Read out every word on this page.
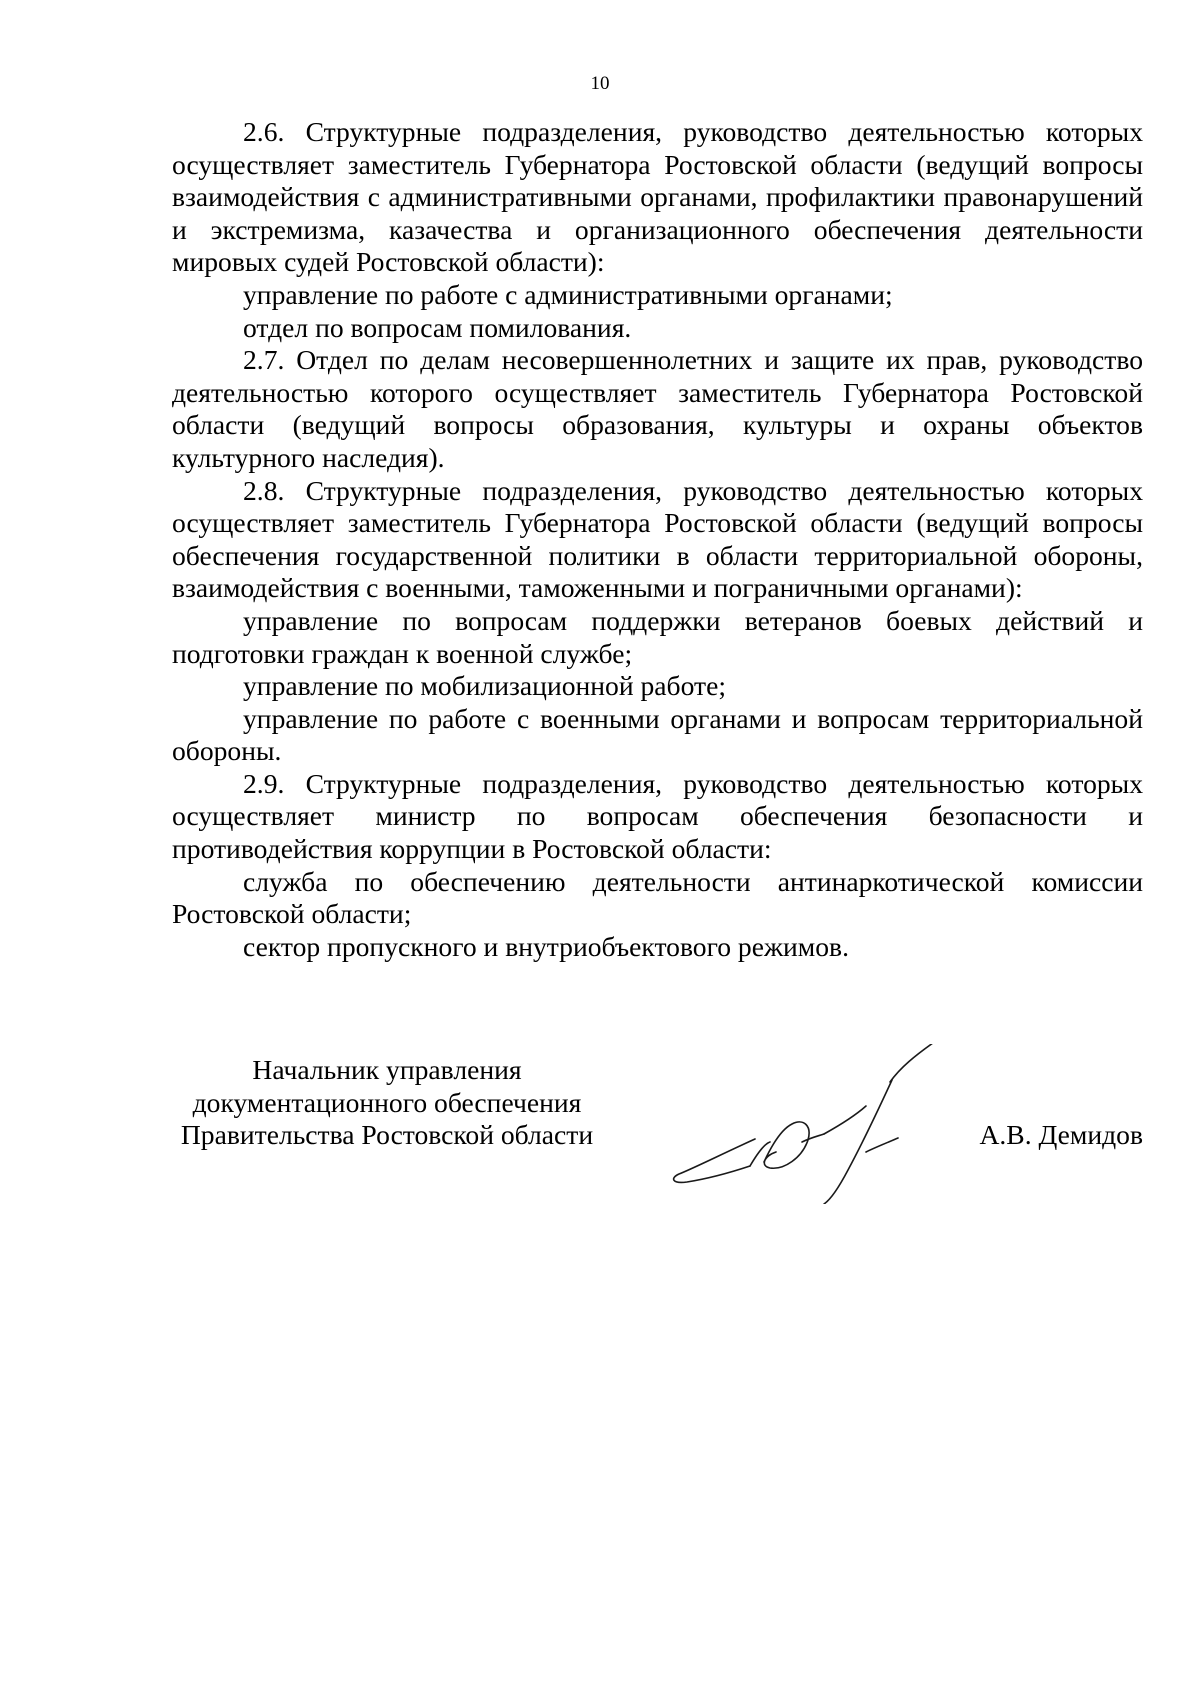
10

2.6. Структурные подразделения, руководство деятельностью которых осуществляет заместитель Губернатора Ростовской области (ведущий вопросы взаимодействия с административными органами, профилактики правонарушений и экстремизма, казачества и организационного обеспечения деятельности мировых судей Ростовской области):

управление по работе с административными органами;

отдел по вопросам помилования.

2.7. Отдел по делам несовершеннолетних и защите их прав, руководство деятельностью которого осуществляет заместитель Губернатора Ростовской области (ведущий вопросы образования, культуры и охраны объектов культурного наследия).

2.8. Структурные подразделения, руководство деятельностью которых осуществляет заместитель Губернатора Ростовской области (ведущий вопросы обеспечения государственной политики в области территориальной обороны, взаимодействия с военными, таможенными и пограничными органами):

управление по вопросам поддержки ветеранов боевых действий и подготовки граждан к военной службе;

управление по мобилизационной работе;

управление по работе с военными органами и вопросам территориальной обороны.

2.9. Структурные подразделения, руководство деятельностью которых осуществляет министр по вопросам обеспечения безопасности и противодействия коррупции в Ростовской области:

служба по обеспечению деятельности антинаркотической комиссии Ростовской области;

сектор пропускного и внутриобъектового режимов.

Начальник управления
документационного обеспечения
Правительства Ростовской области	А.В. Демидов
